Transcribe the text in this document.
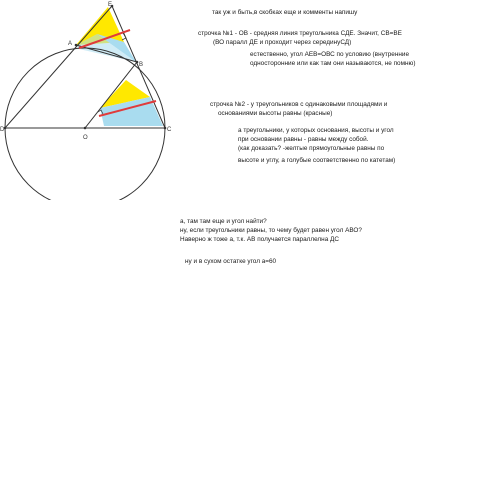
E
A
B
D
O
C

так уж и быть,в скобках еще и комменты напишу

строчка №1 - ОВ - средняя линия треугольника СДЕ. Значит, СВ=ВЕ

(ВО паралл ДЕ и проходит через серединуСД)

естественно, угол АЕВ=ОВС по условию (внутренние

односторонние или как там они называются, не помню)

строчка №2 - у треугольников с одинаковыми площадями и

основаниями высоты равны (красные)

а треугольники, у которых основания, высоты и угол

при основании равны - равны между собой.

(как доказать? -желтые прямоугольные равны по

высоте и углу, а голубые соответственно по катетам)

а, там там еще и угол найти?

ну, если треугольники равны, то чему будет равен угол АВО?

Наверно ж тоже а, т.к. АВ получается параллелна ДС

ну и в сухом остатке угол а=60
